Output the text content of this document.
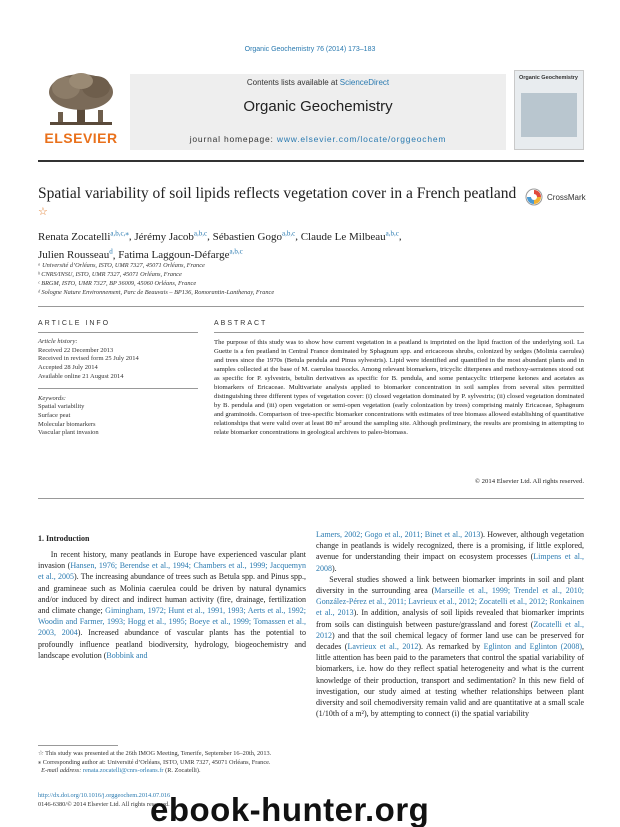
Organic Geochemistry 76 (2014) 173–183
ELSEVIER
Contents lists available at ScienceDirect
Organic Geochemistry
journal homepage: www.elsevier.com/locate/orggeochem
Organic Geochemistry
Spatial variability of soil lipids reflects vegetation cover in a French peatland ☆
CrossMark
Renata Zocatelli$^{a,b,c,⁎}$, Jérémy Jacob$^{a,b,c}$, Sébastien Gogo$^{a,b,c}$, Claude Le Milbeau$^{a,b,c}$,
Julien Rousseau$^d$, Fatima Laggoun-Défarge$^{a,b,c}$
ᵃ Université d’Orléans, ISTO, UMR 7327, 45071 Orléans, France
ᵇ CNRS/INSU, ISTO, UMR 7327, 45071 Orléans, France
ᶜ BRGM, ISTO, UMR 7327, BP 36009, 45060 Orléans, France
ᵈ Sologne Nature Environnement, Parc de Beauvais – BP136, Romorantin-Lanthenay, France
ARTICLE INFO	ABSTRACT
Article history:
Received 22 December 2013
Received in revised form 25 July 2014
Accepted 28 July 2014
Available online 21 August 2014
Keywords:
Spatial variability
Surface peat
Molecular biomarkers
Vascular plant invasion
The purpose of this study was to show how current vegetation in a peatland is imprinted on the lipid fraction of the underlying soil. La Guette is a fen peatland in Central France dominated by Sphagnum spp. and ericaceous shrubs, colonized by sedges (Molinia caerulea) and trees since the 1970s (Betula pendula and Pinus sylvestris). Lipid were identified and quantified in the most abundant plants and in samples collected at the base of M. caerulea tussocks. Among relevant biomarkers, tricyclic diterpenes and methoxy-serratenes stood out as specific for P. sylvestris, betulin derivatives as specific for B. pendula, and some pentacyclic triterpene ketones and acetates as biomarkers of Ericaceae. Multivariate analysis applied to biomarker concentration in soil samples from several sites permitted distinguishing three different types of vegetation cover: (i) closed vegetation dominated by P. sylvestris; (ii) closed vegetation dominated by B. pendula and (iii) open vegetation or semi-open vegetation (early colonization by trees) comprising mainly Ericaceae, Sphagnum and graminoids. Comparison of tree-specific biomarker concentrations with estimates of tree biomass allowed establishing of quantitative relationships that were valid over at least 80 m² around the sampling site. Although preliminary, the results are promising in attempting to relate biomarker concentrations in geological archives to paleo-biomass.
© 2014 Elsevier Ltd. All rights reserved.
1. Introduction
In recent history, many peatlands in Europe have experienced vascular plant invasion (Hansen, 1976; Berendse et al., 1994; Chambers et al., 1999; Jacquemyn et al., 2005). The increasing abundance of trees such as Betula spp. and Pinus spp., and gramineae such as Molinia caerulea could be driven by natural dynamics and/or induced by direct and indirect human activity (fire, drainage, fertilization and climate change; Gimingham, 1972; Hunt et al., 1991, 1993; Aerts et al., 1992; Woodin and Farmer, 1993; Hogg et al., 1995; Boeye et al., 1999; Tomassen et al., 2003, 2004). Increased abundance of vascular plants has the potential to profoundly influence peatland biodiversity, hydrology, biogeochemistry and landscape evolution (Bobbink and
Lamers, 2002; Gogo et al., 2011; Binet et al., 2013). However, although vegetation change in peatlands is widely recognized, there is a promising, if little explored, avenue for understanding their impact on ecosystem processes (Limpens et al., 2008).
Several studies showed a link between biomarker imprints in soil and plant diversity in the surrounding area (Marseille et al., 1999; Trendel et al., 2010; González-Pérez et al., 2011; Lavrieux et al., 2012; Zocatelli et al., 2012; Ronkainen et al., 2013). In addition, analysis of soil lipids revealed that biomarker imprints from soils can distinguish between pasture/grassland and forest (Zocatelli et al., 2012) and that the soil chemical legacy of former land use can be preserved for decades (Lavrieux et al., 2012). As remarked by Eglinton and Eglinton (2008), little attention has been paid to the parameters that control the spatial variability of biomarkers, i.e. how do they reflect spatial heterogeneity and what is the current knowledge of their production, transport and sedimentation? In this new field of investigation, our study aimed at testing whether relationships between plant diversity and soil chemodiversity remain valid and are quantitative at a small scale (1/10th of a m²), by attempting to connect (i) the spatial variability
☆ This study was presented at the 26th IMOG Meeting, Tenerife, September 16–20th, 2013.
⁎ Corresponding author at: Université d’Orléans, ISTO, UMR 7327, 45071 Orléans, France.
E-mail address: renata.zocatelli@cnrs-orleans.fr (R. Zocatelli).
http://dx.doi.org/10.1016/j.orggeochem.2014.07.016
0146-6380/© 2014 Elsevier Ltd. All rights reserved.
ebook-hunter.org
